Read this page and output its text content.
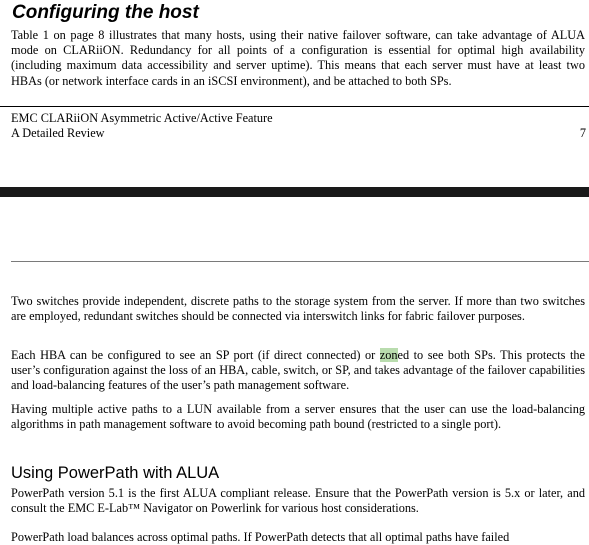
Configuring the host

Table 1 on page 8 illustrates that many hosts, using their native failover software, can take advantage of ALUA mode on CLARiiON. Redundancy for all points of a configuration is essential for optimal high availability (including maximum data accessibility and server uptime). This means that each server must have at least two HBAs (or network interface cards in an iSCSI environment), and be attached to both SPs.

EMC CLARiiON Asymmetric Active/Active Feature
A Detailed Review	7

Two switches provide independent, discrete paths to the storage system from the server. If more than two switches are employed, redundant switches should be connected via interswitch links for fabric failover purposes.

Each HBA can be configured to see an SP port (if direct connected) or zoned to see both SPs. This protects the user’s configuration against the loss of an HBA, cable, switch, or SP, and takes advantage of the failover capabilities and load-balancing features of the user’s path management software.

Having multiple active paths to a LUN available from a server ensures that the user can use the load-balancing algorithms in path management software to avoid becoming path bound (restricted to a single port).

Using PowerPath with ALUA

PowerPath version 5.1 is the first ALUA compliant release. Ensure that the PowerPath version is 5.x or later, and consult the EMC E-Lab™ Navigator on Powerlink for various host considerations.

PowerPath load balances across optimal paths. If PowerPath detects that all optimal paths have failed
